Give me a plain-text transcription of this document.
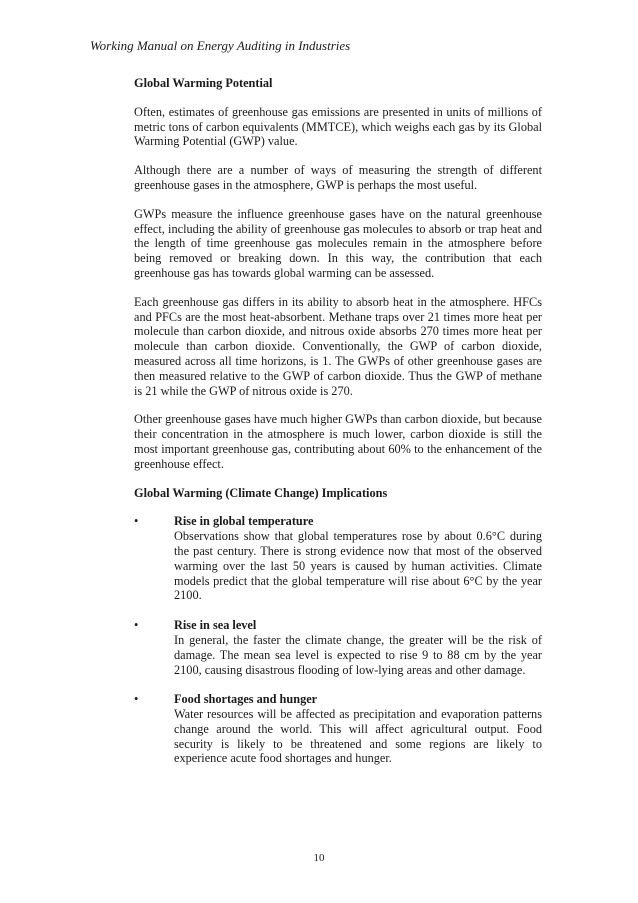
Working Manual on Energy Auditing in Industries
Global Warming Potential

Often, estimates of greenhouse gas emissions are presented in units of millions of metric tons of carbon equivalents (MMTCE), which weighs each gas by its Global Warming Potential (GWP) value.

Although there are a number of ways of measuring the strength of different greenhouse gases in the atmosphere, GWP is perhaps the most useful.

GWPs measure the influence greenhouse gases have on the natural greenhouse effect, including the ability of greenhouse gas molecules to absorb or trap heat and the length of time greenhouse gas molecules remain in the atmosphere before being removed or breaking down. In this way, the contribution that each greenhouse gas has towards global warming can be assessed.

Each greenhouse gas differs in its ability to absorb heat in the atmosphere. HFCs and PFCs are the most heat-absorbent. Methane traps over 21 times more heat per molecule than carbon dioxide, and nitrous oxide absorbs 270 times more heat per molecule than carbon dioxide. Conventionally, the GWP of carbon dioxide, measured across all time horizons, is 1. The GWPs of other greenhouse gases are then measured relative to the GWP of carbon dioxide. Thus the GWP of methane is 21 while the GWP of nitrous oxide is 270.

Other greenhouse gases have much higher GWPs than carbon dioxide, but because their concentration in the atmosphere is much lower, carbon dioxide is still the most important greenhouse gas, contributing about 60% to the enhancement of the greenhouse effect.

Global Warming (Climate Change) Implications
•	Rise in global temperature
Observations show that global temperatures rose by about 0.6°C during the past century. There is strong evidence now that most of the observed warming over the last 50 years is caused by human activities. Climate models predict that the global temperature will rise about 6°C by the year 2100.
•	Rise in sea level
In general, the faster the climate change, the greater will be the risk of damage. The mean sea level is expected to rise 9 to 88 cm by the year 2100, causing disastrous flooding of low-lying areas and other damage.
•	Food shortages and hunger
Water resources will be affected as precipitation and evaporation patterns change around the world. This will affect agricultural output. Food security is likely to be threatened and some regions are likely to experience acute food shortages and hunger.
10
